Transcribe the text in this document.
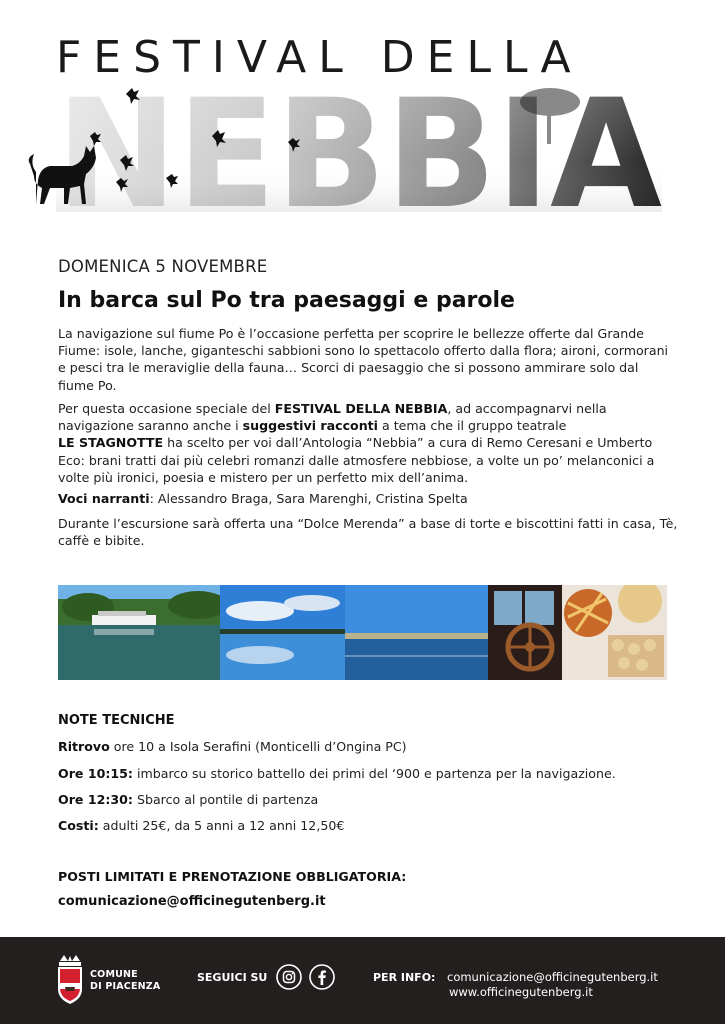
FESTIVAL DELLA
DOMENICA 5 NOVEMBRE
In barca sul Po tra paesaggi e parole
La navigazione sul fiume Po è l’occasione perfetta per scoprire le bellezze offerte dal Grande Fiume: isole, lanche, giganteschi sabbioni sono lo spettacolo offerto dalla flora; aironi, cormorani e pesci tra le meraviglie della fauna… Scorci di paesaggio che si possono ammirare solo dal fiume Po.
Per questa occasione speciale del FESTIVAL DELLA NEBBIA, ad accompagnarvi nella navigazione saranno anche i suggestivi racconti a tema che il gruppo teatrale
LE STAGNOTTE ha scelto per voi dall’Antologia “Nebbia” a cura di Remo Ceresani e Umberto Eco: brani tratti dai più celebri romanzi dalle atmosfere nebbiose, a volte un po’ melanconici a volte più ironici, poesia e mistero per un perfetto mix dell’anima.
Voci narranti: Alessandro Braga, Sara Marenghi, Cristina Spelta
Durante l’escursione sarà offerta una “Dolce Merenda” a base di torte e biscottini fatti in casa, Tè, caffè e bibite.
NOTE TECNICHE
Ritrovo ore 10 a Isola Serafini (Monticelli d’Ongina PC)
Ore 10:15: imbarco su storico battello dei primi del ‘900 e partenza per la navigazione.
Ore 12:30: Sbarco al pontile di partenza
Costi: adulti 25€, da 5 anni a 12 anni 12,50€
POSTI LIMITATI E PRENOTAZIONE OBBLIGATORIA:
comunicazione@officinegutenberg.it
COMUNE
DI PIACENZA
SEGUICI SU	PER INFO: comunicazione@officinegutenberg.it
www.officinegutenberg.it
